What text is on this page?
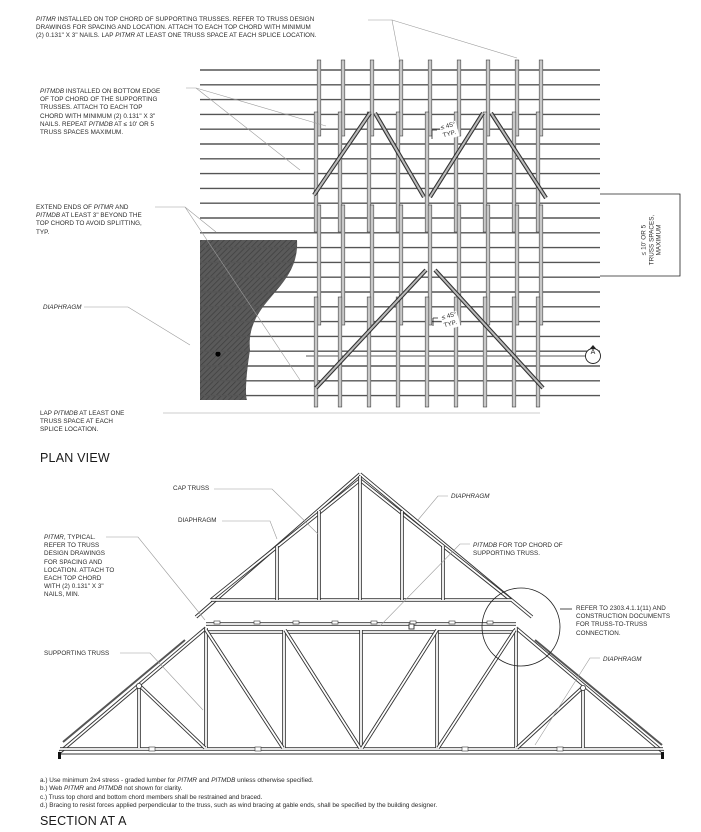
PITMR INSTALLED ON TOP CHORD OF SUPPORTING TRUSSES. REFER TO TRUSS DESIGN
DRAWINGS FOR SPACING AND LOCATION. ATTACH TO EACH TOP CHORD WITH MINIMUM
(2) 0.131" X 3" NAILS. LAP PITMR AT LEAST ONE TRUSS SPACE AT EACH SPLICE LOCATION.
PITMDB INSTALLED ON BOTTOM EDGE
OF TOP CHORD OF THE SUPPORTING
TRUSSES. ATTACH TO EACH TOP
CHORD WITH MINIMUM (2) 0.131" X 3"
NAILS. REPEAT PITMDB AT ≤ 10' OR 5
TRUSS SPACES MAXIMUM.
EXTEND ENDS OF PITMR AND
PITMDB AT LEAST 3" BEYOND THE
TOP CHORD TO AVOID SPLITTING,
TYP.
DIAPHRAGM
LAP PITMDB AT LEAST ONE
TRUSS SPACE AT EACH
SPLICE LOCATION.
≤ 45°
TYP.
≤ 45°
TYP.
≤ 10' OR 5
TRUSS SPACES,
MAXIMUM
A
PLAN VIEW
CAP TRUSS
DIAPHRAGM
DIAPHRAGM
PITMR, TYPICAL.
REFER TO TRUSS
DESIGN DRAWINGS
FOR SPACING AND
LOCATION. ATTACH TO
EACH TOP CHORD
WITH (2) 0.131" X 3"
NAILS, MIN.
PITMDB FOR TOP CHORD OF
SUPPORTING TRUSS.
REFER TO 2303.4.1.1(11) AND
CONSTRUCTION DOCUMENTS
FOR TRUSS-TO-TRUSS
CONNECTION.
SUPPORTING TRUSS
DIAPHRAGM
a.) Use minimum 2x4 stress - graded lumber for PITMR and PITMDB unless otherwise specified.
b.) Web PITMR and PITMDB not shown for clarity.
c.) Truss top chord and bottom chord members shall be restrained and braced.
d.) Bracing to resist forces applied perpendicular to the truss, such as wind bracing at gable ends, shall be specified by the building designer.
SECTION AT A
